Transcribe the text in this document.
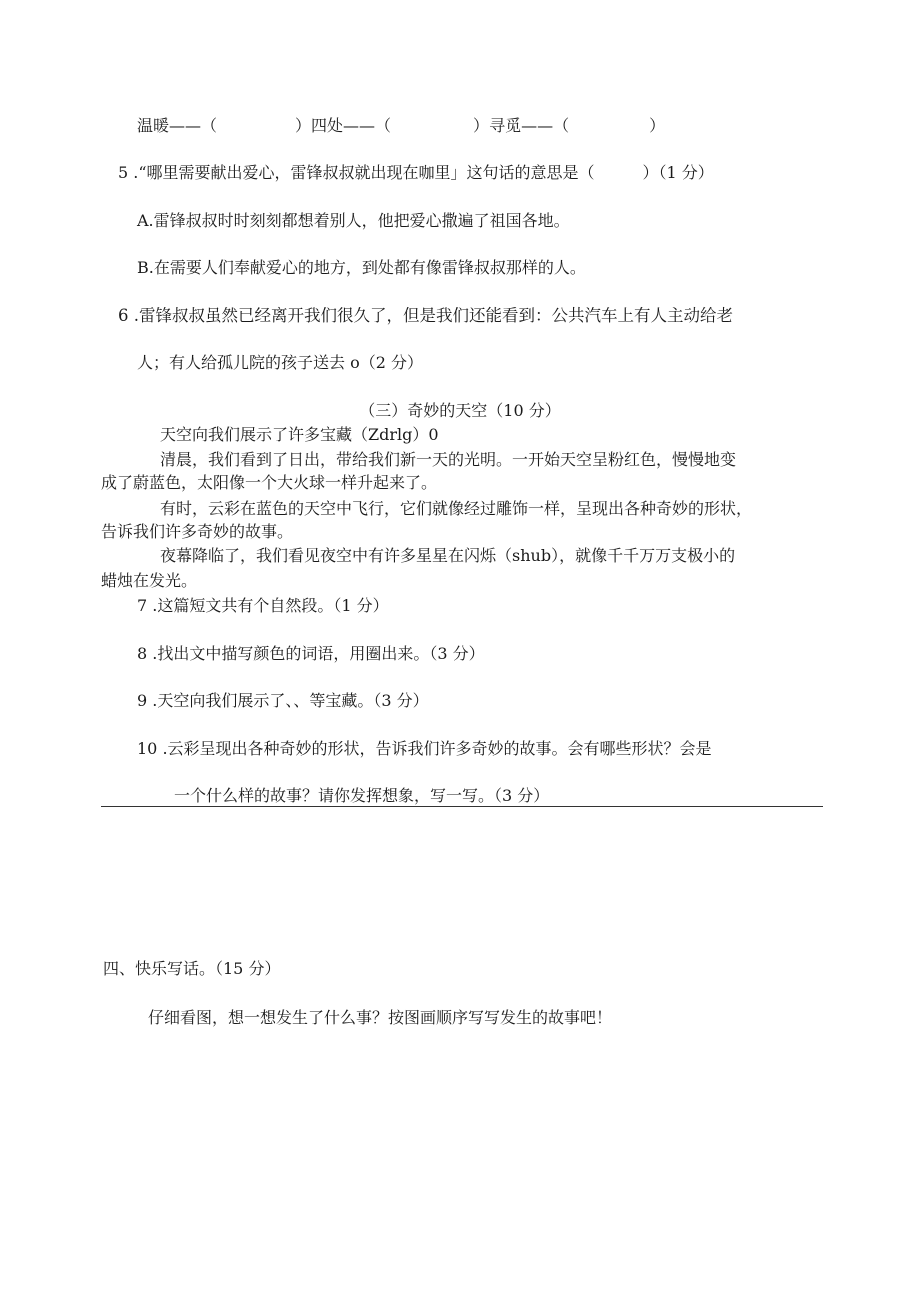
温暖——（	）四处——（	）寻觅——（	）
5 .“哪里需要献出爱心，雷锋叔叔就出现在咖里」这句话的意思是（　　　）（1 分）
A.雷锋叔叔时时刻刻都想着别人，他把爱心撒遍了祖国各地。
B.在需要人们奉献爱心的地方，到处都有像雷锋叔叔那样的人。
6 .雷锋叔叔虽然已经离开我们很久了，但是我们还能看到：公共汽车上有人主动给老
人；有人给孤儿院的孩子送去 o（2 分）
（三）奇妙的天空（10 分）
天空向我们展示了许多宝藏（Zdrlg）0
清晨，我们看到了日出，带给我们新一天的光明。一开始天空呈粉红色，慢慢地变
成了蔚蓝色，太阳像一个大火球一样升起来了。
有时，云彩在蓝色的天空中飞行，它们就像经过雕饰一样，呈现出各种奇妙的形状，
告诉我们许多奇妙的故事。
夜幕降临了，我们看见夜空中有许多星星在闪烁（shub），就像千千万万支极小的
蜡烛在发光。
7 .这篇短文共有个自然段。（1 分）
8 .找出文中描写颜色的词语，用圈出来。（3 分）
9 .天空向我们展示了、、等宝藏。（3 分）
10 .云彩呈现出各种奇妙的形状，告诉我们许多奇妙的故事。会有哪些形状？会是
一个什么样的故事？请你发挥想象，写一写。（3 分）
四、快乐写话。（15 分）
仔细看图，想一想发生了什么事？按图画顺序写写发生的故事吧！
